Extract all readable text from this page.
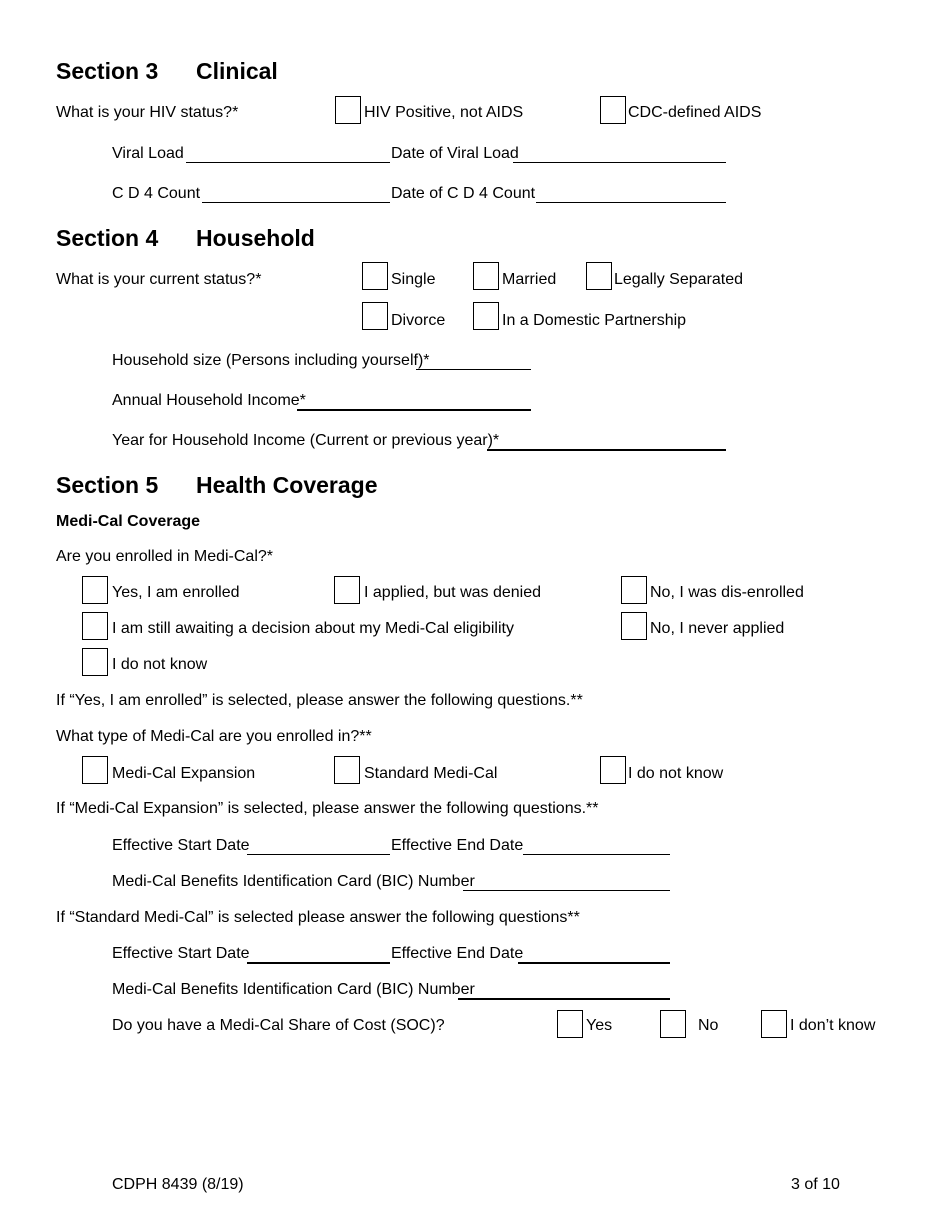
Section 3 Clinical
What is your HIV status?*	HIV Positive, not AIDS	CDC-defined AIDS
Viral Load	Date of Viral Load
C D 4 Count	Date of C D 4 Count
Section 4 Household
What is your current status?*	Single	Married	Legally Separated
Divorce	In a Domestic Partnership
Household size (Persons including yourself)*
Annual Household Income*
Year for Household Income (Current or previous year)*
Section 5 Health Coverage
Medi-Cal Coverage
Are you enrolled in Medi-Cal?*
Yes, I am enrolled	I applied, but was denied	No, I was dis-enrolled
I am still awaiting a decision about my Medi-Cal eligibility	No, I never applied
I do not know
If “Yes, I am enrolled” is selected, please answer the following questions.**
What type of Medi-Cal are you enrolled in?**
Medi-Cal Expansion	Standard Medi-Cal	I do not know
If “Medi-Cal Expansion” is selected, please answer the following questions.**
Effective Start Date	Effective End Date
Medi-Cal Benefits Identification Card (BIC) Number
If “Standard Medi-Cal” is selected please answer the following questions**
Effective Start Date	Effective End Date
Medi-Cal Benefits Identification Card (BIC) Number
Do you have a Medi-Cal Share of Cost (SOC)?	Yes	No	I don’t know
CDPH 8439 (8/19)	3 of 10
